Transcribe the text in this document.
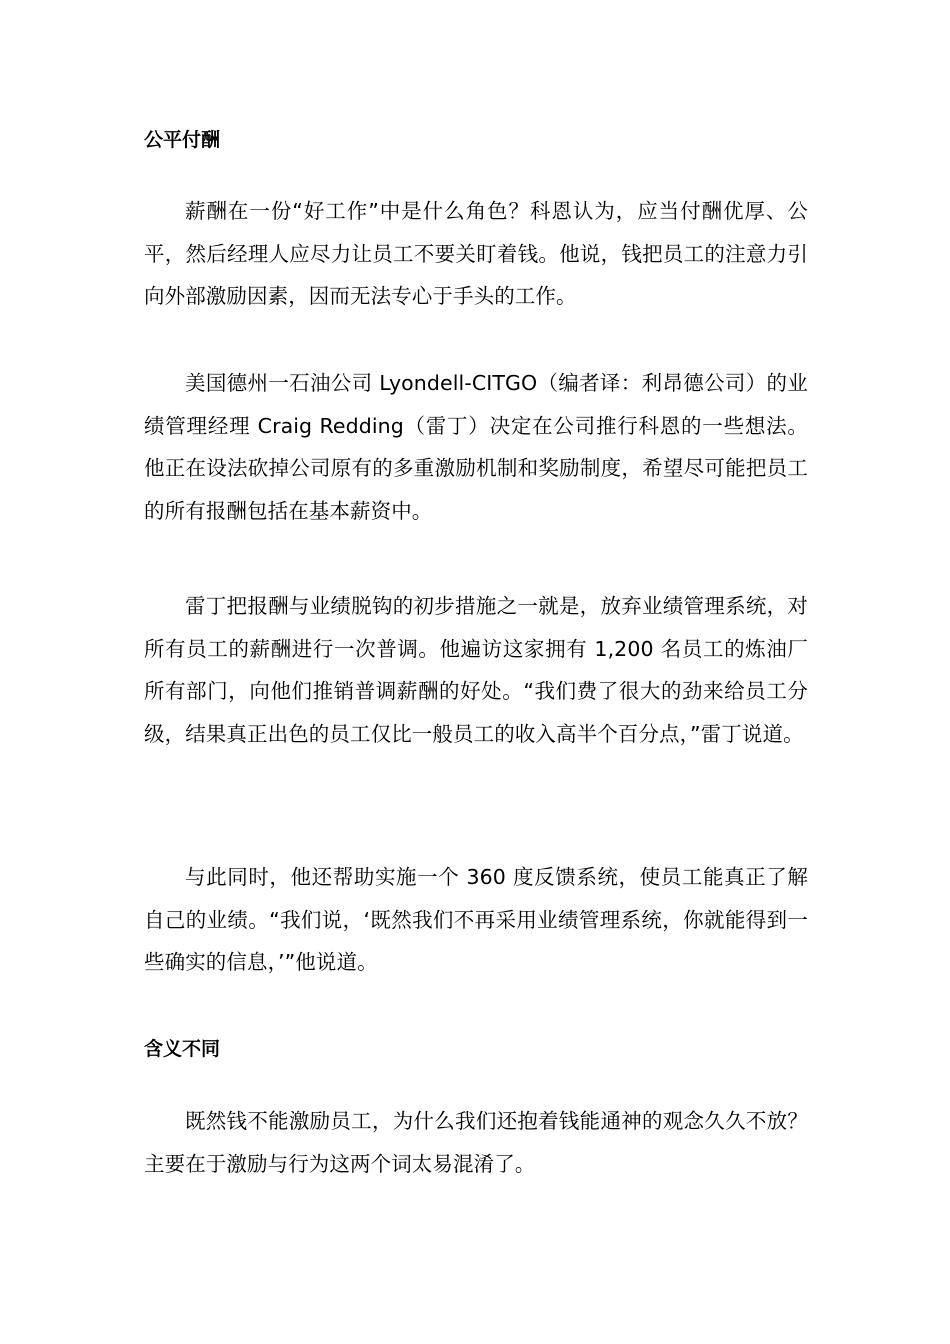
公平付酬
薪酬在一份“好工作”中是什么角色？科恩认为，应当付酬优厚、公平，然后经理人应尽力让员工不要关盯着钱。他说，钱把员工的注意力引向外部激励因素，因而无法专心于手头的工作。
美国德州一石油公司 Lyondell-CITGO（编者译：利昂德公司）的业绩管理经理 Craig Redding（雷丁）决定在公司推行科恩的一些想法。他正在设法砍掉公司原有的多重激励机制和奖励制度，希望尽可能把员工的所有报酬包括在基本薪资中。
雷丁把报酬与业绩脱钩的初步措施之一就是，放弃业绩管理系统，对所有员工的薪酬进行一次普调。他遍访这家拥有 1,200 名员工的炼油厂所有部门，向他们推销普调薪酬的好处。“我们费了很大的劲来给员工分级，结果真正出色的员工仅比一般员工的收入高半个百分点，”雷丁说道。
与此同时，他还帮助实施一个 360 度反馈系统，使员工能真正了解自己的业绩。“我们说，‘既然我们不再采用业绩管理系统，你就能得到一些确实的信息，’”他说道。
含义不同
既然钱不能激励员工，为什么我们还抱着钱能通神的观念久久不放？主要在于激励与行为这两个词太易混淆了。
